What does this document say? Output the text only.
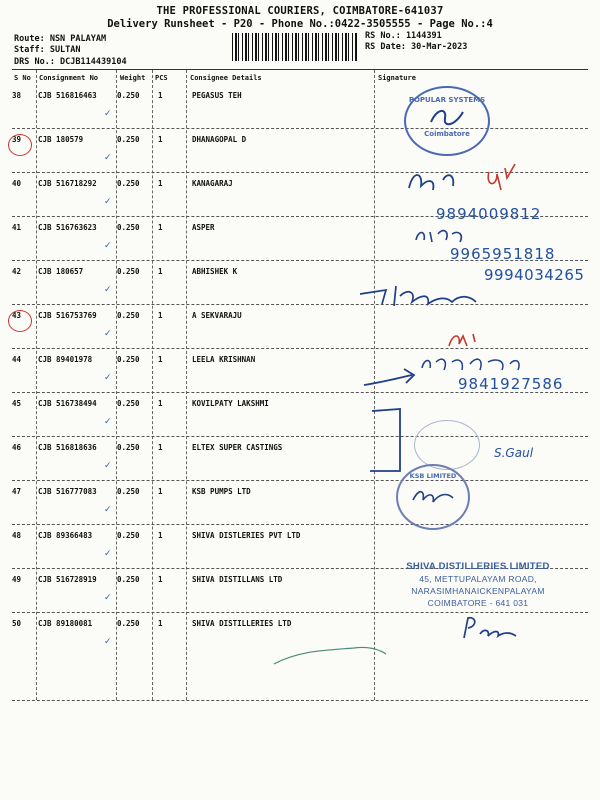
THE PROFESSIONAL COURIERS, COIMBATORE-641037
Delivery Runsheet - P20 - Phone No.:0422-3505555 - Page No.:4
Route: NSN PALAYAM
Staff: SULTAN
DRS No.: DCJB114439104
RS No.: 1144391
RS Date: 30-Mar-2023
S No Consignment No	Weight PCS	Consignee Details	Signature
38 CJB 516816463	0.250 1	PEGASUS TEH
✓
39 CJB 180579	0.250 1	DHANAGOPAL D
✓
40 CJB 516718292	0.250 1	KANAGARAJ
✓
41 CJB 516763623	0.250 1	ASPER
✓
42 CJB 180657	0.250 1	ABHISHEK K
✓
43 CJB 516753769	0.250 1	A SEKVARAJU
✓
44 CJB 89401978	0.250 1	LEELA KRISHNAN
✓
45 CJB 516738494	0.250 1	KOVILPATY LAKSHMI
✓
46 CJB 516818636	0.250 1	ELTEX SUPER CASTINGS
✓
47 CJB 516777083	0.250 1	KSB PUMPS LTD
✓
48 CJB 89366483	0.250 1	SHIVA DISTLERIES PVT LTD
✓
49 CJB 516728919	0.250 1	SHIVA DISTILLANS LTD
✓
50 CJB 89180081	0.250 1	SHIVA DISTILLERIES LTD
✓
POPULAR SYSTEMS
Coimbatore
9894009812
9965951818
9994034265
9841927586
S.Gaul
KSB LIMITED
SHIVA DISTILLERIES LIMITED
45, METTUPALAYAM ROAD,
NARASIMHANAICKENPALAYAM
COIMBATORE - 641 031
